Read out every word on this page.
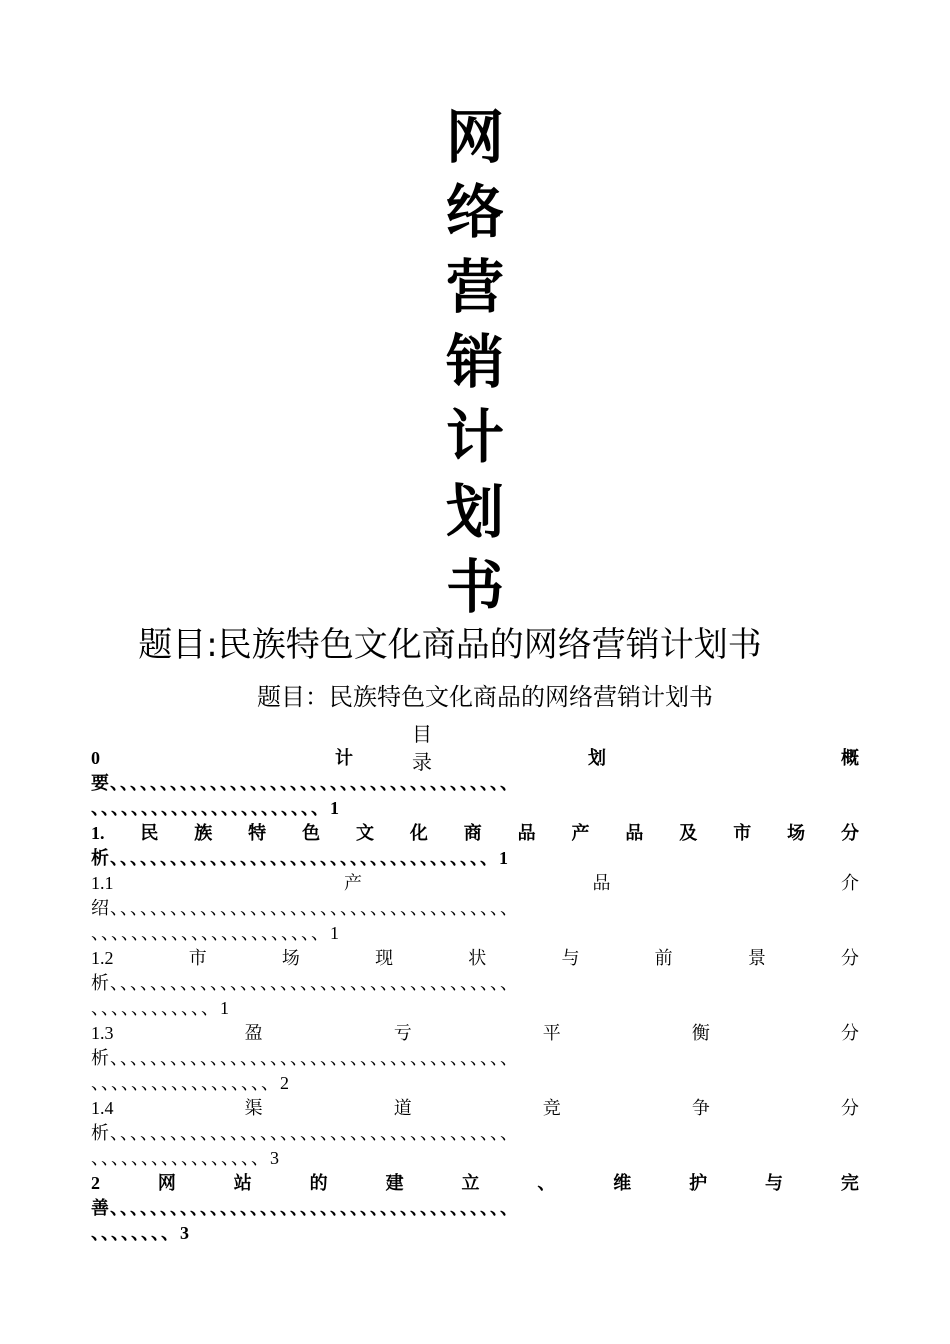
网
络
营
销
计
划
书
题目:民族特色文化商品的网络营销计划书
题目：民族特色文化商品的网络营销计划书
目 录
0	计	划	概
要、、、、、、、、、、、、、、、、、、、、、、、、、、、、、、、、、、、、、、、、
、、、、、、、、、、、、、、、、、、、、、、、1
1. 民 族 特 色 文 化 商 品 产 品 及 市 场 分
析、、、、、、、、、、、、、、、、、、、、、、、、、、、、、、、、、、、、、、1
1.1	产	品	介
绍、、、、、、、、、、、、、、、、、、、、、、、、、、、、、、、、、、、、、、、、
、、、、、、、、、、、、、、、、、、、、、、、1
1.2	市	场	现	状	与	前	景	分
析、、、、、、、、、、、、、、、、、、、、、、、、、、、、、、、、、、、、、、、、
、、、、、、、、、、、、1
1.3	盈	亏	平	衡	分
析、、、、、、、、、、、、、、、、、、、、、、、、、、、、、、、、、、、、、、、、
、、、、、、、、、、、、、、、、、、2
1.4	渠	道	竞	争	分
析、、、、、、、、、、、、、、、、、、、、、、、、、、、、、、、、、、、、、、、、
、、、、、、、、、、、、、、、、、3
2	网	站	的	建	立	、	维	护	与	完
善、、、、、、、、、、、、、、、、、、、、、、、、、、、、、、、、、、、、、、、、
、、、、、、、、3
